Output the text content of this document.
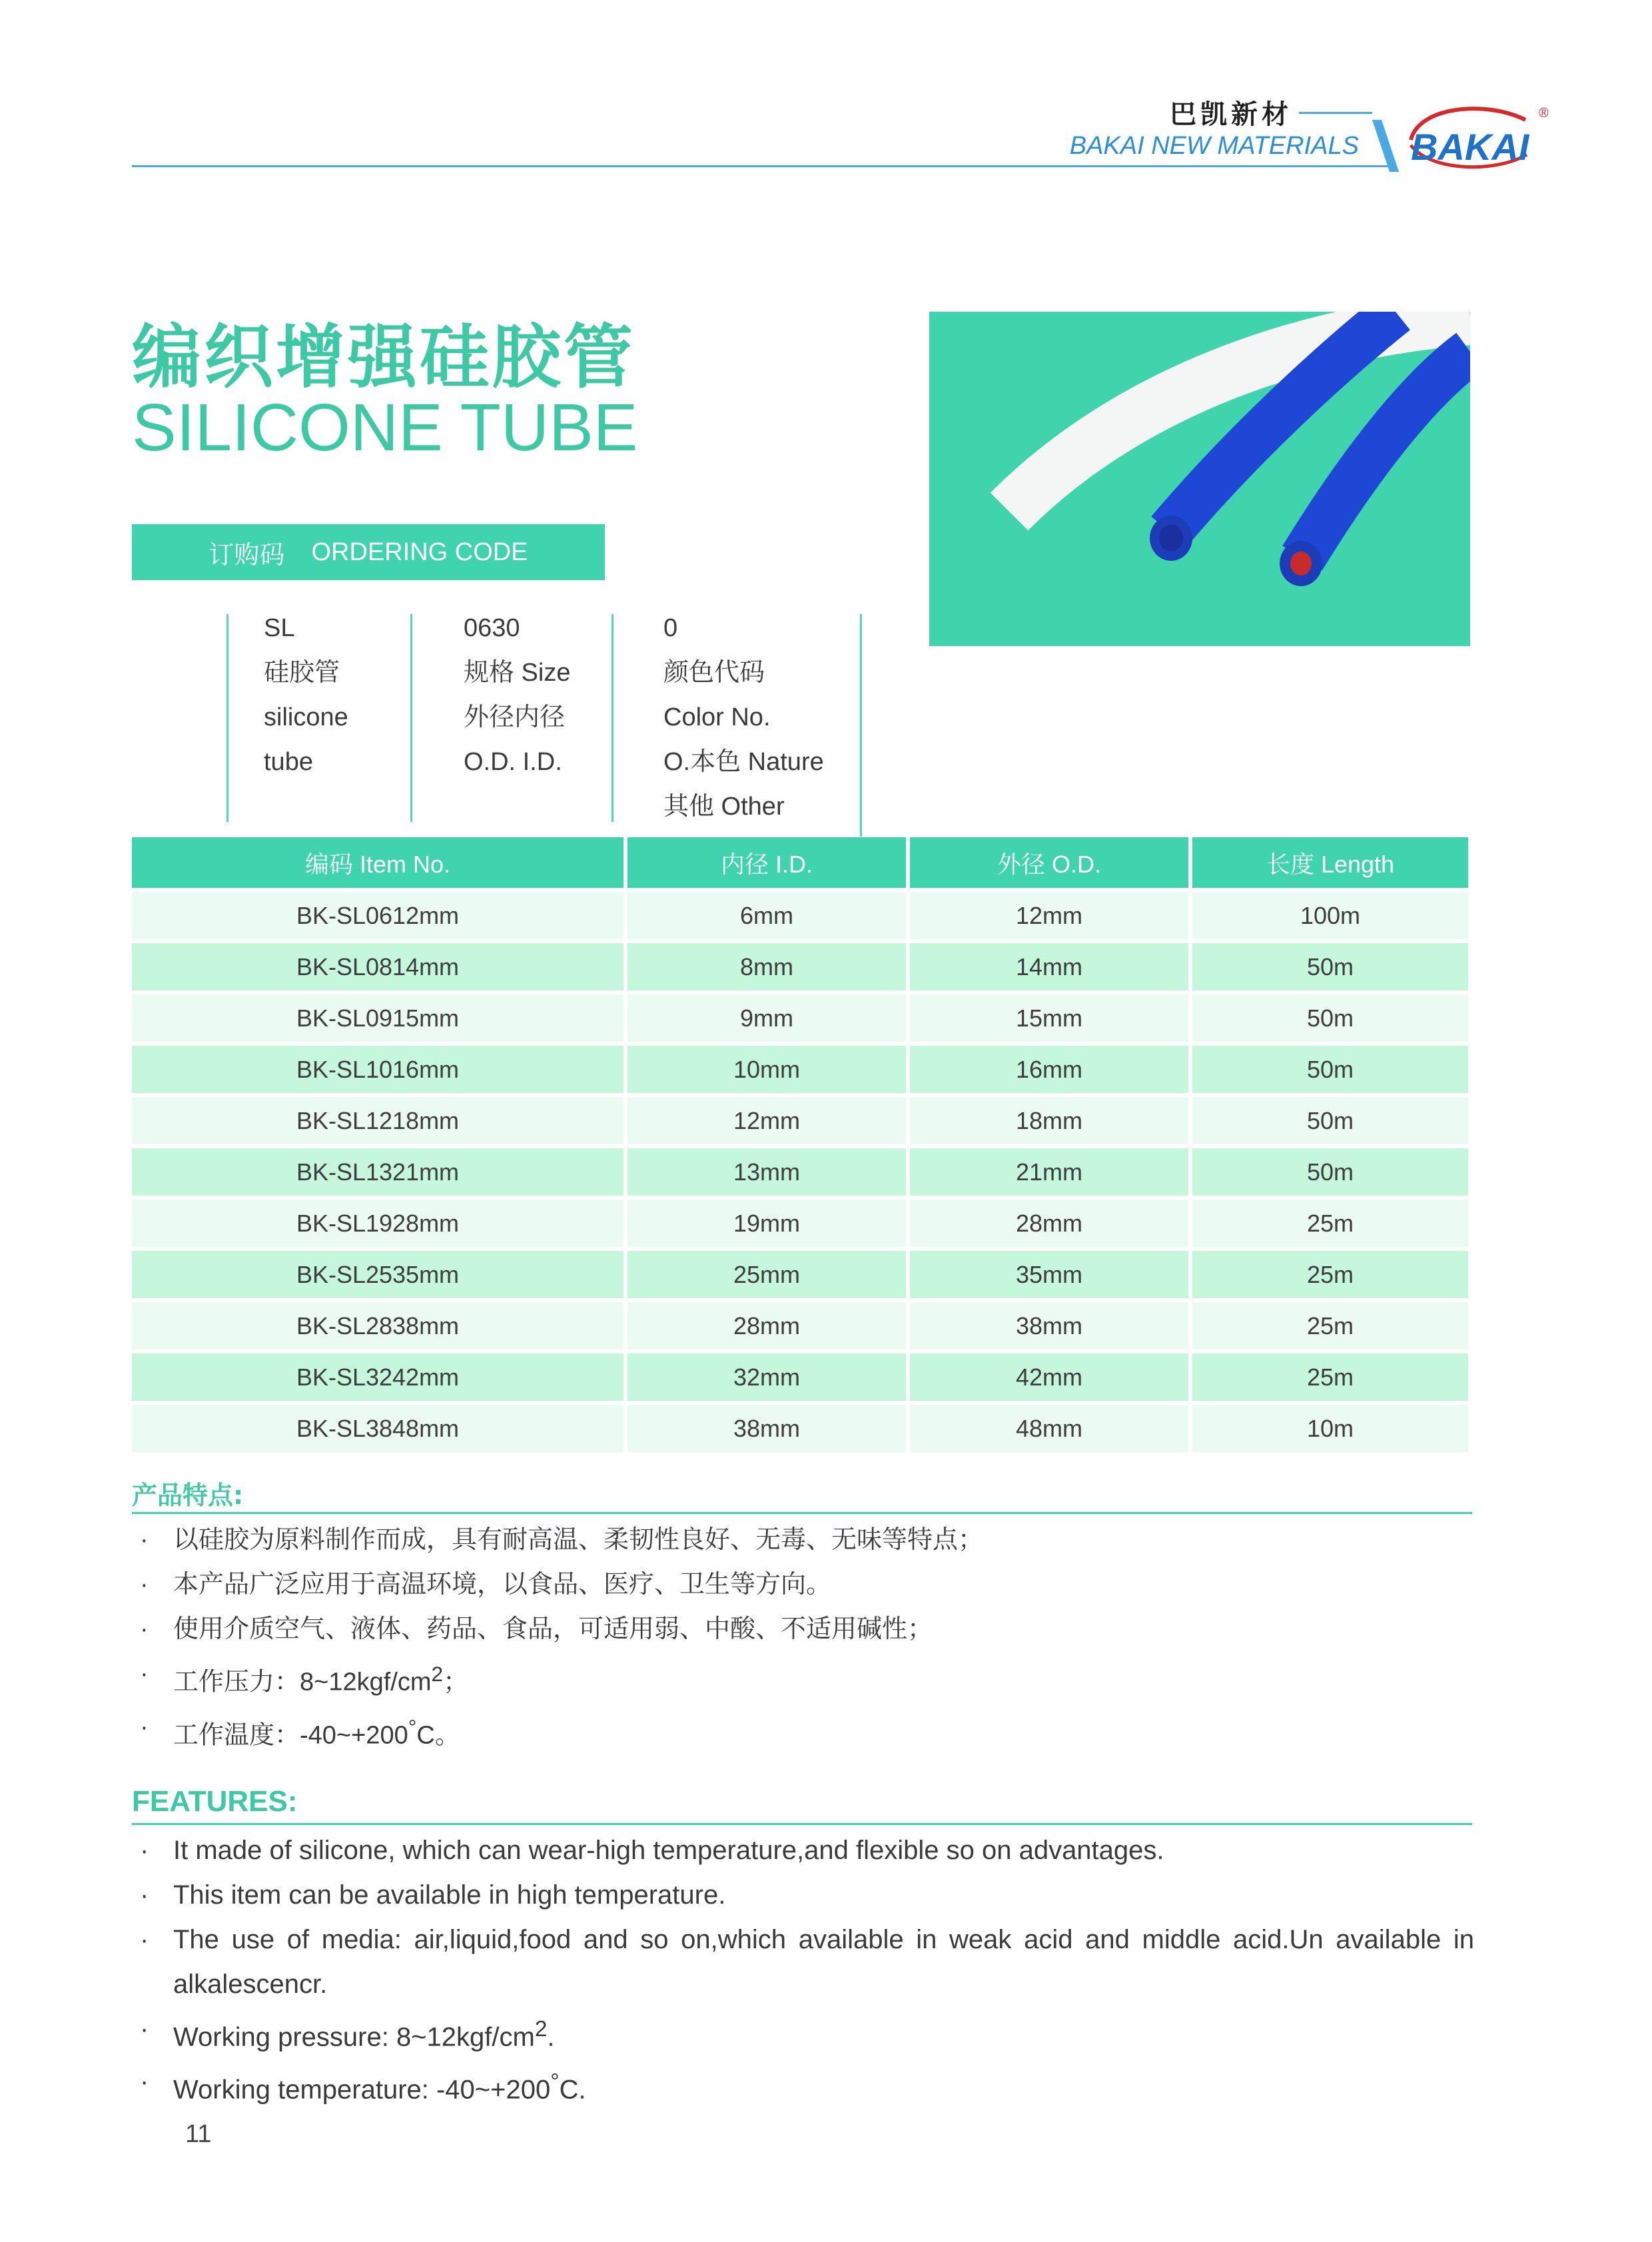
巴凯新材
BAKAI NEW MATERIALS BAKAI
®
编织增强硅胶管
SILICONE TUBE
订购码 ORDERING CODE
SL
硅胶管
silicone
tube
0630
规格 Size
外径内径
O.D. I.D.
0
颜色代码
Color No.
O.本色 Nature
其他 Other
编码 Item No.	内径 I.D.	外径 O.D.	长度 Length
BK-SL0612mm	6mm	12mm	100m
BK-SL0814mm	8mm	14mm	50m
BK-SL0915mm	9mm	15mm	50m
BK-SL1016mm	10mm	16mm	50m
BK-SL1218mm	12mm	18mm	50m
BK-SL1321mm	13mm	21mm	50m
BK-SL1928mm	19mm	28mm	25m
BK-SL2535mm	25mm	35mm	25m
BK-SL2838mm	28mm	38mm	25m
BK-SL3242mm	32mm	42mm	25m
BK-SL3848mm	38mm	48mm	10m
产品特点:
· 以硅胶为原料制作而成，具有耐高温、柔韧性良好、无毒、无味等特点；
· 本产品广泛应用于高温环境，以食品、医疗、卫生等方向。
· 使用介质空气、液体、药品、食品，可适用弱、中酸、不适用碱性；
· 工作压力：$8\sim 12kgf/cm^2$；
· 工作温度：-40~+200°C。
FEATURES:
· It made of silicone, which can wear-high temperature,and flexible so on advantages.
· This item can be available in high temperature.
· The use of media: air,liquid,food and so on,which available in weak acid and middle acid.Un available in alkalescencr.
· Working pressure: $8\sim 12kgf/cm^2$.
· Working temperature: -40~+200°C.
11
